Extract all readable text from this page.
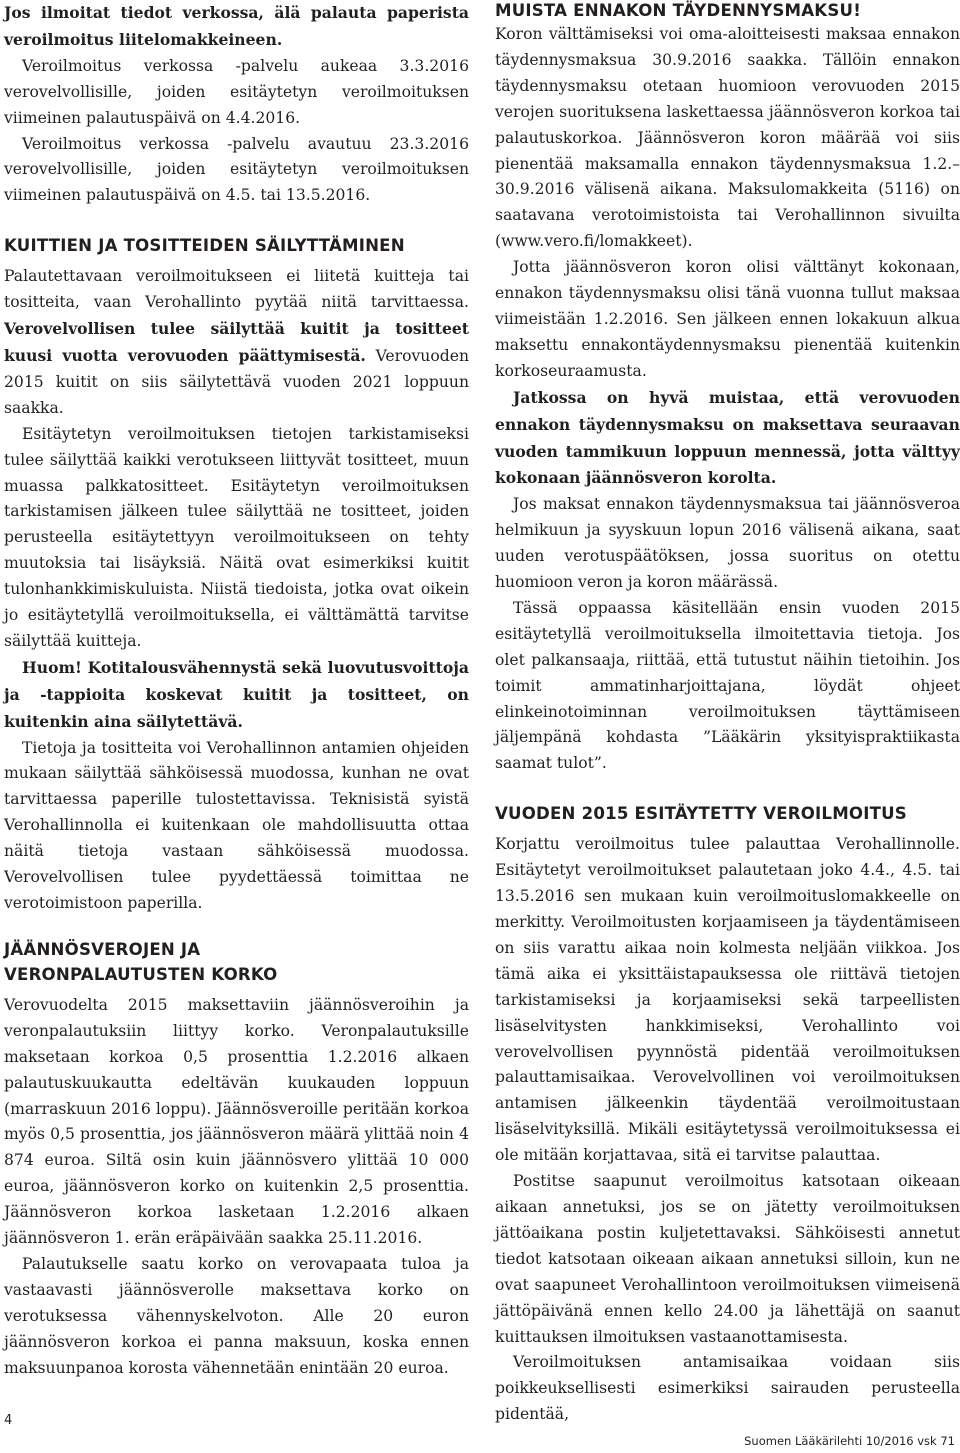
Jos ilmoitat tiedot verkossa, älä palauta paperista veroilmoitus liitelomakkeineen.

Veroilmoitus verkossa -palvelu aukeaa 3.3.2016 verovelvollisille, joiden esitäytetyn veroilmoituksen viimeinen palautuspäivä on 4.4.2016.

Veroilmoitus verkossa -palvelu avautuu 23.3.2016 verovelvollisille, joiden esitäytetyn veroilmoituksen viimeinen palautuspäivä on 4.5. tai 13.5.2016.

KUITTIEN JA TOSITTEIDEN SÄILYTTÄMINEN

Palautettavaan veroilmoitukseen ei liitetä kuitteja tai tositteita, vaan Verohallinto pyytää niitä tarvittaessa. Verovelvollisen tulee säilyttää kuitit ja tositteet kuusi vuotta verovuoden päättymisestä. Verovuoden 2015 kuitit on siis säilytettävä vuoden 2021 loppuun saakka.

Esitäytetyn veroilmoituksen tietojen tarkistamiseksi tulee säilyttää kaikki verotukseen liittyvät tositteet, muun muassa palkkatositteet. Esitäytetyn veroilmoituksen tarkistamisen jälkeen tulee säilyttää ne tositteet, joiden perusteella esitäytettyyn veroilmoitukseen on tehty muutoksia tai lisäyksiä. Näitä ovat esimerkiksi kuitit tulonhankkimiskuluista. Niistä tiedoista, jotka ovat oikein jo esitäytetyllä veroilmoituksella, ei välttämättä tarvitse säilyttää kuitteja.

Huom! Kotitalousvähennystä sekä luovutusvoittoja ja -tappioita koskevat kuitit ja tositteet, on kuitenkin aina säilytettävä.

Tietoja ja tositteita voi Verohallinnon antamien ohjeiden mukaan säilyttää sähköisessä muodossa, kunhan ne ovat tarvittaessa paperille tulostettavissa. Teknisistä syistä Verohallinnolla ei kuitenkaan ole mahdollisuutta ottaa näitä tietoja vastaan sähköisessä muodossa. Verovelvollisen tulee pyydettäessä toimittaa ne verotoimistoon paperilla.

JÄÄNNÖSVEROJEN JA
VERONPALAUTUSTEN KORKO

Verovuodelta 2015 maksettaviin jäännösveroihin ja veronpalautuksiin liittyy korko. Veronpalautuksille maksetaan korkoa 0,5 prosenttia 1.2.2016 alkaen palautuskuukautta edeltävän kuukauden loppuun (marraskuun 2016 loppu). Jäännösveroille peritään korkoa myös 0,5 prosenttia, jos jäännösveron määrä ylittää noin 4 874 euroa. Siltä osin kuin jäännösvero ylittää 10 000 euroa, jäännösveron korko on kuitenkin 2,5 prosenttia. Jäännösveron korkoa lasketaan 1.2.2016 alkaen jäännösveron 1. erän eräpäivään saakka 25.11.2016.

Palautukselle saatu korko on verovapaata tuloa ja vastaavasti jäännösverolle maksettava korko on verotuksessa vähennyskelvoton. Alle 20 euron jäännösveron korkoa ei panna maksuun, koska ennen maksuunpanoa korosta vähennetään enintään 20 euroa.

MUISTA ENNAKON TÄYDENNYSMAKSU!

Koron välttämiseksi voi oma-aloitteisesti maksaa ennakon täydennysmaksua 30.9.2016 saakka. Tällöin ennakon täydennysmaksu otetaan huomioon verovuoden 2015 verojen suorituksena laskettaessa jäännösveron korkoa tai palautuskorkoa. Jäännösveron koron määrää voi siis pienentää maksamalla ennakon täydennysmaksua 1.2.–30.9.2016 välisenä aikana. Maksulomakkeita (5116) on saatavana verotoimistoista tai Verohallinnon sivuilta (www.vero.fi/lomakkeet).

Jotta jäännösveron koron olisi välttänyt kokonaan, ennakon täydennysmaksu olisi tänä vuonna tullut maksaa viimeistään 1.2.2016. Sen jälkeen ennen lokakuun alkua maksettu ennakontäydennysmaksu pienentää kuitenkin korkoseuraamusta.

Jatkossa on hyvä muistaa, että verovuoden ennakon täydennysmaksu on maksettava seuraavan vuoden tammikuun loppuun mennessä, jotta välttyy kokonaan jäännösveron korolta.

Jos maksat ennakon täydennysmaksua tai jäännösveroa helmikuun ja syyskuun lopun 2016 välisenä aikana, saat uuden verotuspäätöksen, jossa suoritus on otettu huomioon veron ja koron määrässä.

Tässä oppaassa käsitellään ensin vuoden 2015 esitäytetyllä veroilmoituksella ilmoitettavia tietoja. Jos olet palkansaaja, riittää, että tutustut näihin tietoihin. Jos toimit ammatinharjoittajana, löydät ohjeet elinkeinotoiminnan veroilmoituksen täyttämiseen jäljempänä kohdasta ”Lääkärin yksityispraktiikasta saamat tulot”.

VUODEN 2015 ESITÄYTETTY VEROILMOITUS

Korjattu veroilmoitus tulee palauttaa Verohallinnolle. Esitäytetyt veroilmoitukset palautetaan joko 4.4., 4.5. tai 13.5.2016 sen mukaan kuin veroilmoituslomakkeelle on merkitty. Veroilmoitusten korjaamiseen ja täydentämiseen on siis varattu aikaa noin kolmesta neljään viikkoa. Jos tämä aika ei yksittäistapauksessa ole riittävä tietojen tarkistamiseksi ja korjaamiseksi sekä tarpeellisten lisäselvitysten hankkimiseksi, Verohallinto voi verovelvollisen pyynnöstä pidentää veroilmoituksen palauttamisaikaa. Verovelvollinen voi veroilmoituksen antamisen jälkeenkin täydentää veroilmoitustaan lisäselvityksillä. Mikäli esitäytetyssä veroilmoituksessa ei ole mitään korjattavaa, sitä ei tarvitse palauttaa.

Postitse saapunut veroilmoitus katsotaan oikeaan aikaan annetuksi, jos se on jätetty veroilmoituksen jättöaikana postin kuljetettavaksi. Sähköisesti annetut tiedot katsotaan oikeaan aikaan annetuksi silloin, kun ne ovat saapuneet Verohallintoon veroilmoituksen viimeisenä jättöpäivänä ennen kello 24.00 ja lähettäjä on saanut kuittauksen ilmoituksen vastaanottamisesta.

Veroilmoituksen antamisaikaa voidaan siis poikkeuksellisesti esimerkiksi sairauden perusteella pidentää,

4
Suomen Lääkärilehti 10/2016 vsk 71
